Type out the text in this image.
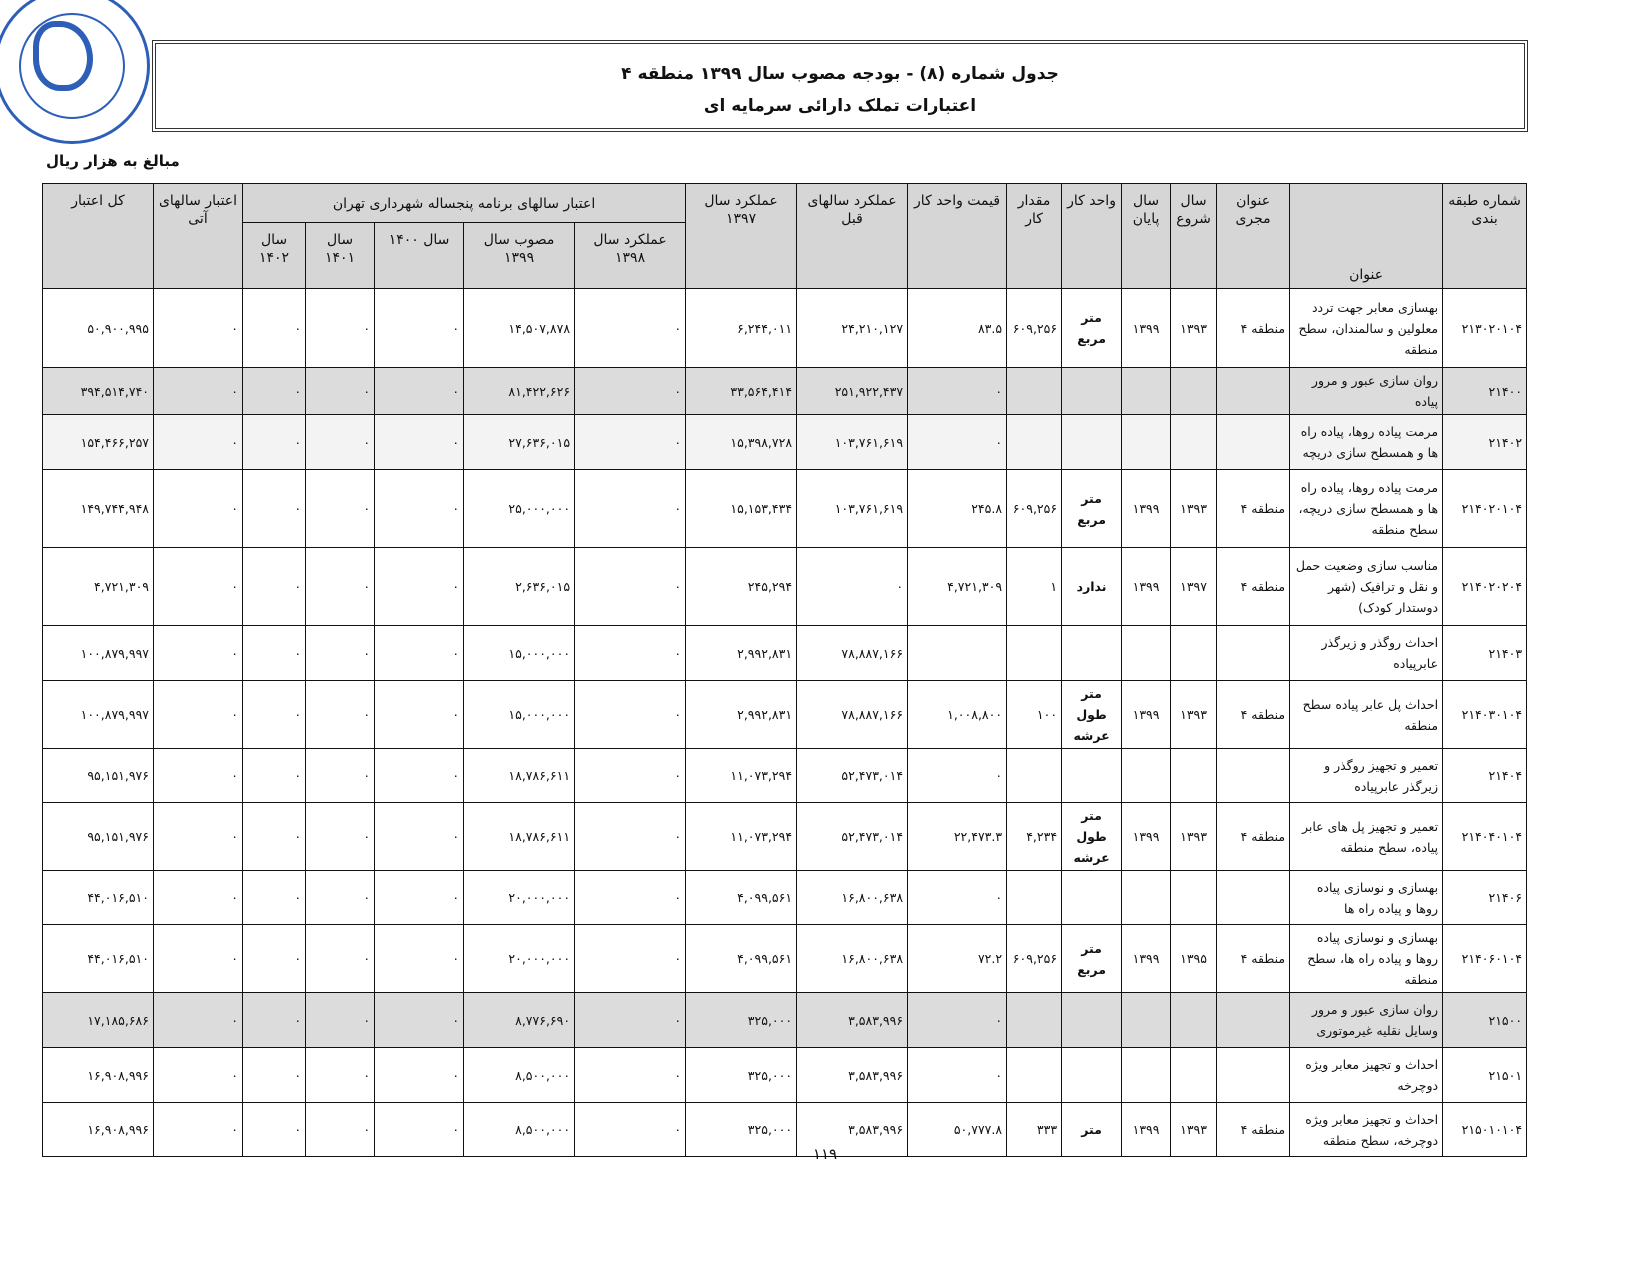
جدول شماره (۸) - بودجه مصوب سال ۱۳۹۹ منطقه ۴
اعتبارات تملک دارائی سرمایه ای
مبالغ به هزار ریال
شماره طبقه بندی	عنوان	عنوان مجری	سال شروع	سال پایان	واحد کار	مقدار کار	قیمت واحد کار	عملکرد سالهای قبل	عملکرد سال ۱۳۹۷	اعتبار سالهای برنامه پنجساله شهرداری تهران					اعتبار سالهای آتی	کل اعتبار
										عملکرد سال ۱۳۹۸	مصوب سال ۱۳۹۹	سال ۱۴۰۰	سال ۱۴۰۱	سال ۱۴۰۲		
۲۱۳۰۲۰۱۰۴	بهسازی معابر جهت تردد معلولین و سالمندان، سطح منطقه	منطقه ۴	۱۳۹۳	۱۳۹۹	متر مربع	۶۰۹,۲۵۶	۸۳.۵	۲۴,۲۱۰,۱۲۷	۶,۲۴۴,۰۱۱	۰	۱۴,۵۰۷,۸۷۸	۰	۰	۰	۰	۵۰,۹۰۰,۹۹۵
۲۱۴۰۰	روان سازی عبور و مرور پیاده						۰	۲۵۱,۹۲۲,۴۳۷	۳۳,۵۶۴,۴۱۴	۰	۸۱,۴۲۲,۶۲۶	۰	۰	۰	۰	۳۹۴,۵۱۴,۷۴۰
۲۱۴۰۲	مرمت پیاده روها، پیاده راه ها و همسطح سازی دریچه						۰	۱۰۳,۷۶۱,۶۱۹	۱۵,۳۹۸,۷۲۸	۰	۲۷,۶۳۶,۰۱۵	۰	۰	۰	۰	۱۵۴,۴۶۶,۲۵۷
۲۱۴۰۲۰۱۰۴	مرمت پیاده روها، پیاده راه ها و همسطح سازی دریچه، سطح منطقه	منطقه ۴	۱۳۹۳	۱۳۹۹	متر مربع	۶۰۹,۲۵۶	۲۴۵.۸	۱۰۳,۷۶۱,۶۱۹	۱۵,۱۵۳,۴۳۴	۰	۲۵,۰۰۰,۰۰۰	۰	۰	۰	۰	۱۴۹,۷۴۴,۹۴۸
۲۱۴۰۲۰۲۰۴	مناسب سازی وضعیت حمل و نقل و ترافیک (شهر دوستدار کودک)	منطقه ۴	۱۳۹۷	۱۳۹۹	ندارد	۱	۴,۷۲۱,۳۰۹	۰	۲۴۵,۲۹۴	۰	۲,۶۳۶,۰۱۵	۰	۰	۰	۰	۴,۷۲۱,۳۰۹
۲۱۴۰۳	احداث روگذر و زیرگذر عابرپیاده							۷۸,۸۸۷,۱۶۶	۲,۹۹۲,۸۳۱	۰	۱۵,۰۰۰,۰۰۰	۰	۰	۰	۰	۱۰۰,۸۷۹,۹۹۷
۲۱۴۰۳۰۱۰۴	احداث پل عابر پیاده سطح منطقه	منطقه ۴	۱۳۹۳	۱۳۹۹	متر طول عرشه	۱۰۰	۱,۰۰۸,۸۰۰	۷۸,۸۸۷,۱۶۶	۲,۹۹۲,۸۳۱	۰	۱۵,۰۰۰,۰۰۰	۰	۰	۰	۰	۱۰۰,۸۷۹,۹۹۷
۲۱۴۰۴	تعمیر و تجهیز روگذر و زیرگذر عابرپیاده						۰	۵۲,۴۷۳,۰۱۴	۱۱,۰۷۳,۲۹۴	۰	۱۸,۷۸۶,۶۱۱	۰	۰	۰	۰	۹۵,۱۵۱,۹۷۶
۲۱۴۰۴۰۱۰۴	تعمیر و تجهیز پل های عابر پیاده، سطح منطقه	منطقه ۴	۱۳۹۳	۱۳۹۹	متر طول عرشه	۴,۲۳۴	۲۲,۴۷۳.۳	۵۲,۴۷۳,۰۱۴	۱۱,۰۷۳,۲۹۴	۰	۱۸,۷۸۶,۶۱۱	۰	۰	۰	۰	۹۵,۱۵۱,۹۷۶
۲۱۴۰۶	بهسازی و نوسازی پیاده روها و پیاده راه ها						۰	۱۶,۸۰۰,۶۳۸	۴,۰۹۹,۵۶۱	۰	۲۰,۰۰۰,۰۰۰	۰	۰	۰	۰	۴۴,۰۱۶,۵۱۰
۲۱۴۰۶۰۱۰۴	بهسازی و نوسازی پیاده روها و پیاده راه ها، سطح منطقه	منطقه ۴	۱۳۹۵	۱۳۹۹	متر مربع	۶۰۹,۲۵۶	۷۲.۲	۱۶,۸۰۰,۶۳۸	۴,۰۹۹,۵۶۱	۰	۲۰,۰۰۰,۰۰۰	۰	۰	۰	۰	۴۴,۰۱۶,۵۱۰
۲۱۵۰۰	روان سازی عبور و مرور وسایل نقلیه غیرموتوری						۰	۳,۵۸۳,۹۹۶	۳۲۵,۰۰۰	۰	۸,۷۷۶,۶۹۰	۰	۰	۰	۰	۱۷,۱۸۵,۶۸۶
۲۱۵۰۱	احداث و تجهیز معابر ویژه دوچرخه						۰	۳,۵۸۳,۹۹۶	۳۲۵,۰۰۰	۰	۸,۵۰۰,۰۰۰	۰	۰	۰	۰	۱۶,۹۰۸,۹۹۶
۲۱۵۰۱۰۱۰۴	احداث و تجهیز معابر ویژه دوچرخه، سطح منطقه	منطقه ۴	۱۳۹۳	۱۳۹۹	متر	۳۳۳	۵۰,۷۷۷.۸	۳,۵۸۳,۹۹۶	۳۲۵,۰۰۰	۰	۸,۵۰۰,۰۰۰	۰	۰	۰	۰	۱۶,۹۰۸,۹۹۶
۱۱۹
